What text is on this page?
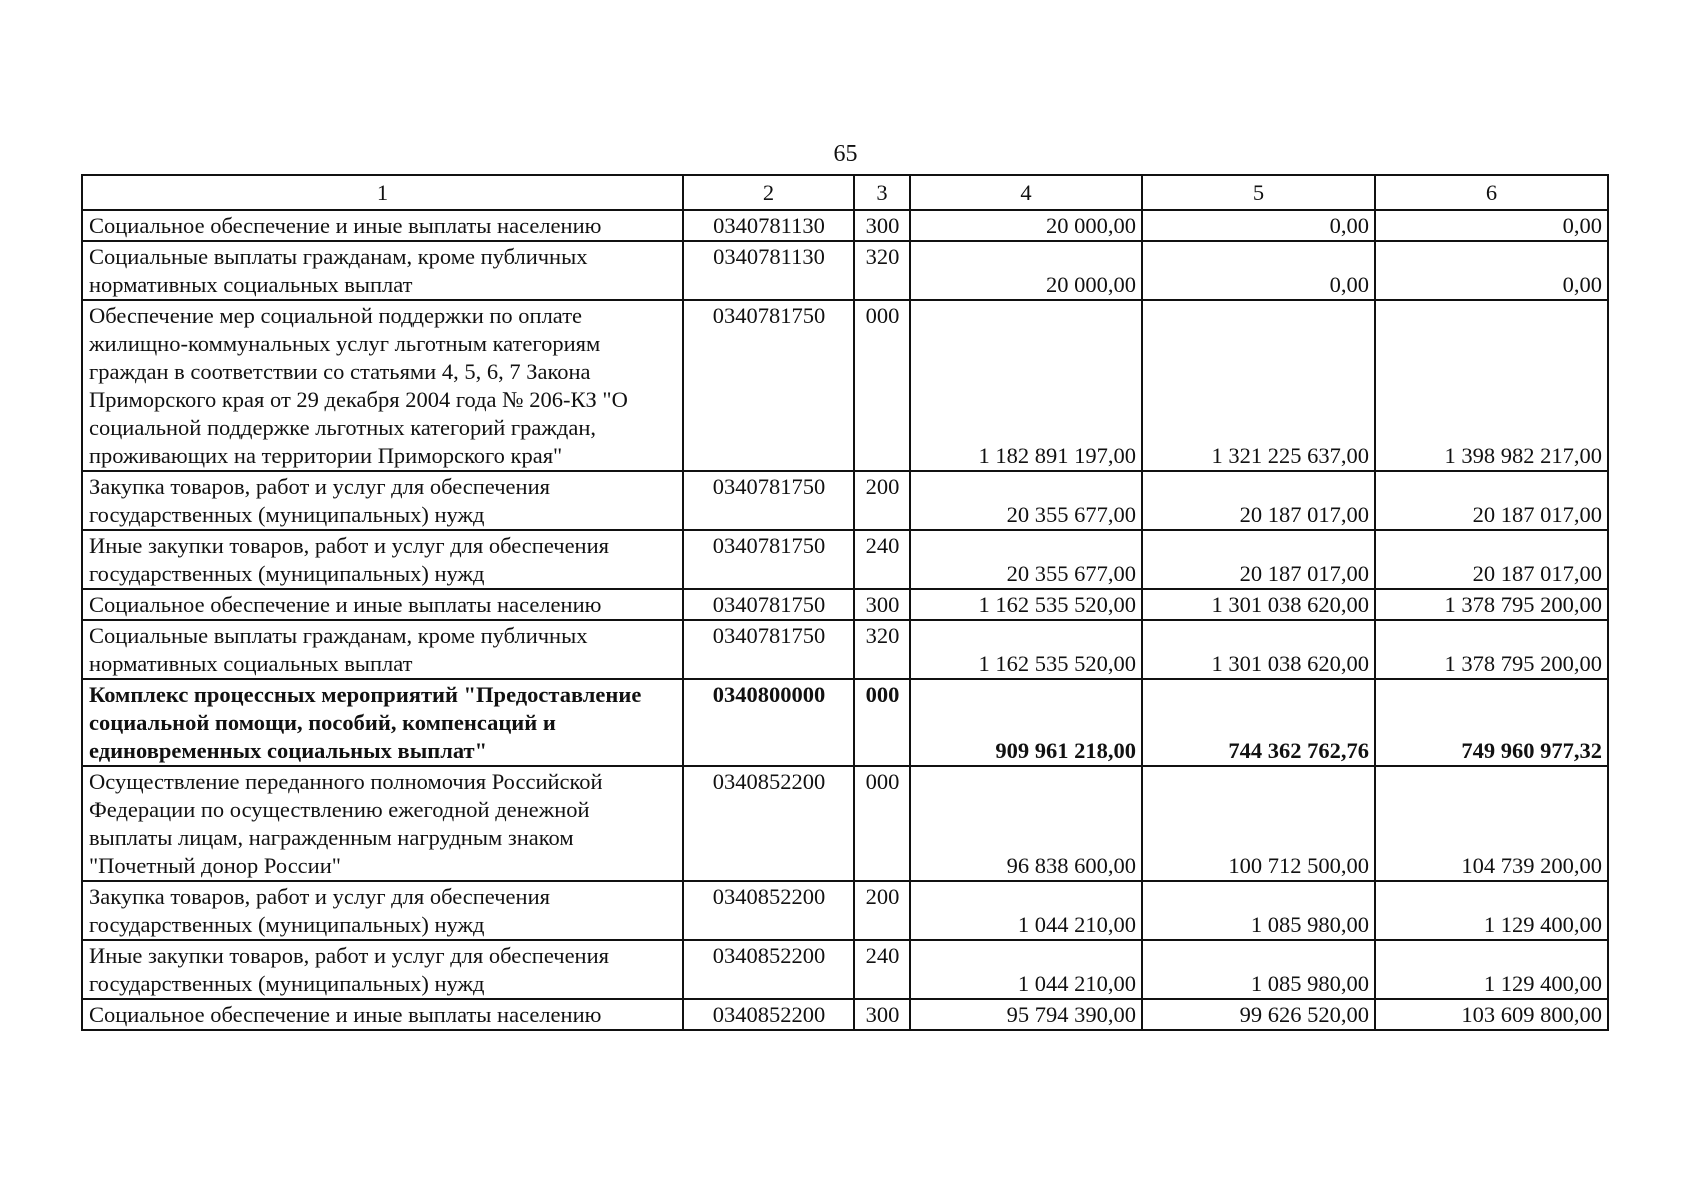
65
1	2	3	4	5	6
Социальное обеспечение и иные выплаты населению	0340781130	300	20 000,00	0,00	0,00
Социальные выплаты гражданам, кроме публичных нормативных социальных выплат	0340781130	320	20 000,00	0,00	0,00
Обеспечение мер социальной поддержки по оплате жилищно-коммунальных услуг льготным категориям граждан в соответствии со статьями 4, 5, 6, 7 Закона Приморского края от 29 декабря 2004 года № 206-КЗ "О социальной поддержке льготных категорий граждан, проживающих на территории Приморского края"	0340781750	000	1 182 891 197,00	1 321 225 637,00	1 398 982 217,00
Закупка товаров, работ и услуг для обеспечения государственных (муниципальных) нужд	0340781750	200	20 355 677,00	20 187 017,00	20 187 017,00
Иные закупки товаров, работ и услуг для обеспечения государственных (муниципальных) нужд	0340781750	240	20 355 677,00	20 187 017,00	20 187 017,00
Социальное обеспечение и иные выплаты населению	0340781750	300	1 162 535 520,00	1 301 038 620,00	1 378 795 200,00
Социальные выплаты гражданам, кроме публичных нормативных социальных выплат	0340781750	320	1 162 535 520,00	1 301 038 620,00	1 378 795 200,00
Комплекс процессных мероприятий "Предоставление социальной помощи, пособий, компенсаций и единовременных социальных выплат"	0340800000	000	909 961 218,00	744 362 762,76	749 960 977,32
Осуществление переданного полномочия Российской Федерации по осуществлению ежегодной денежной выплаты лицам, награжденным нагрудным знаком "Почетный донор России"	0340852200	000	96 838 600,00	100 712 500,00	104 739 200,00
Закупка товаров, работ и услуг для обеспечения государственных (муниципальных) нужд	0340852200	200	1 044 210,00	1 085 980,00	1 129 400,00
Иные закупки товаров, работ и услуг для обеспечения государственных (муниципальных) нужд	0340852200	240	1 044 210,00	1 085 980,00	1 129 400,00
Социальное обеспечение и иные выплаты населению	0340852200	300	95 794 390,00	99 626 520,00	103 609 800,00
